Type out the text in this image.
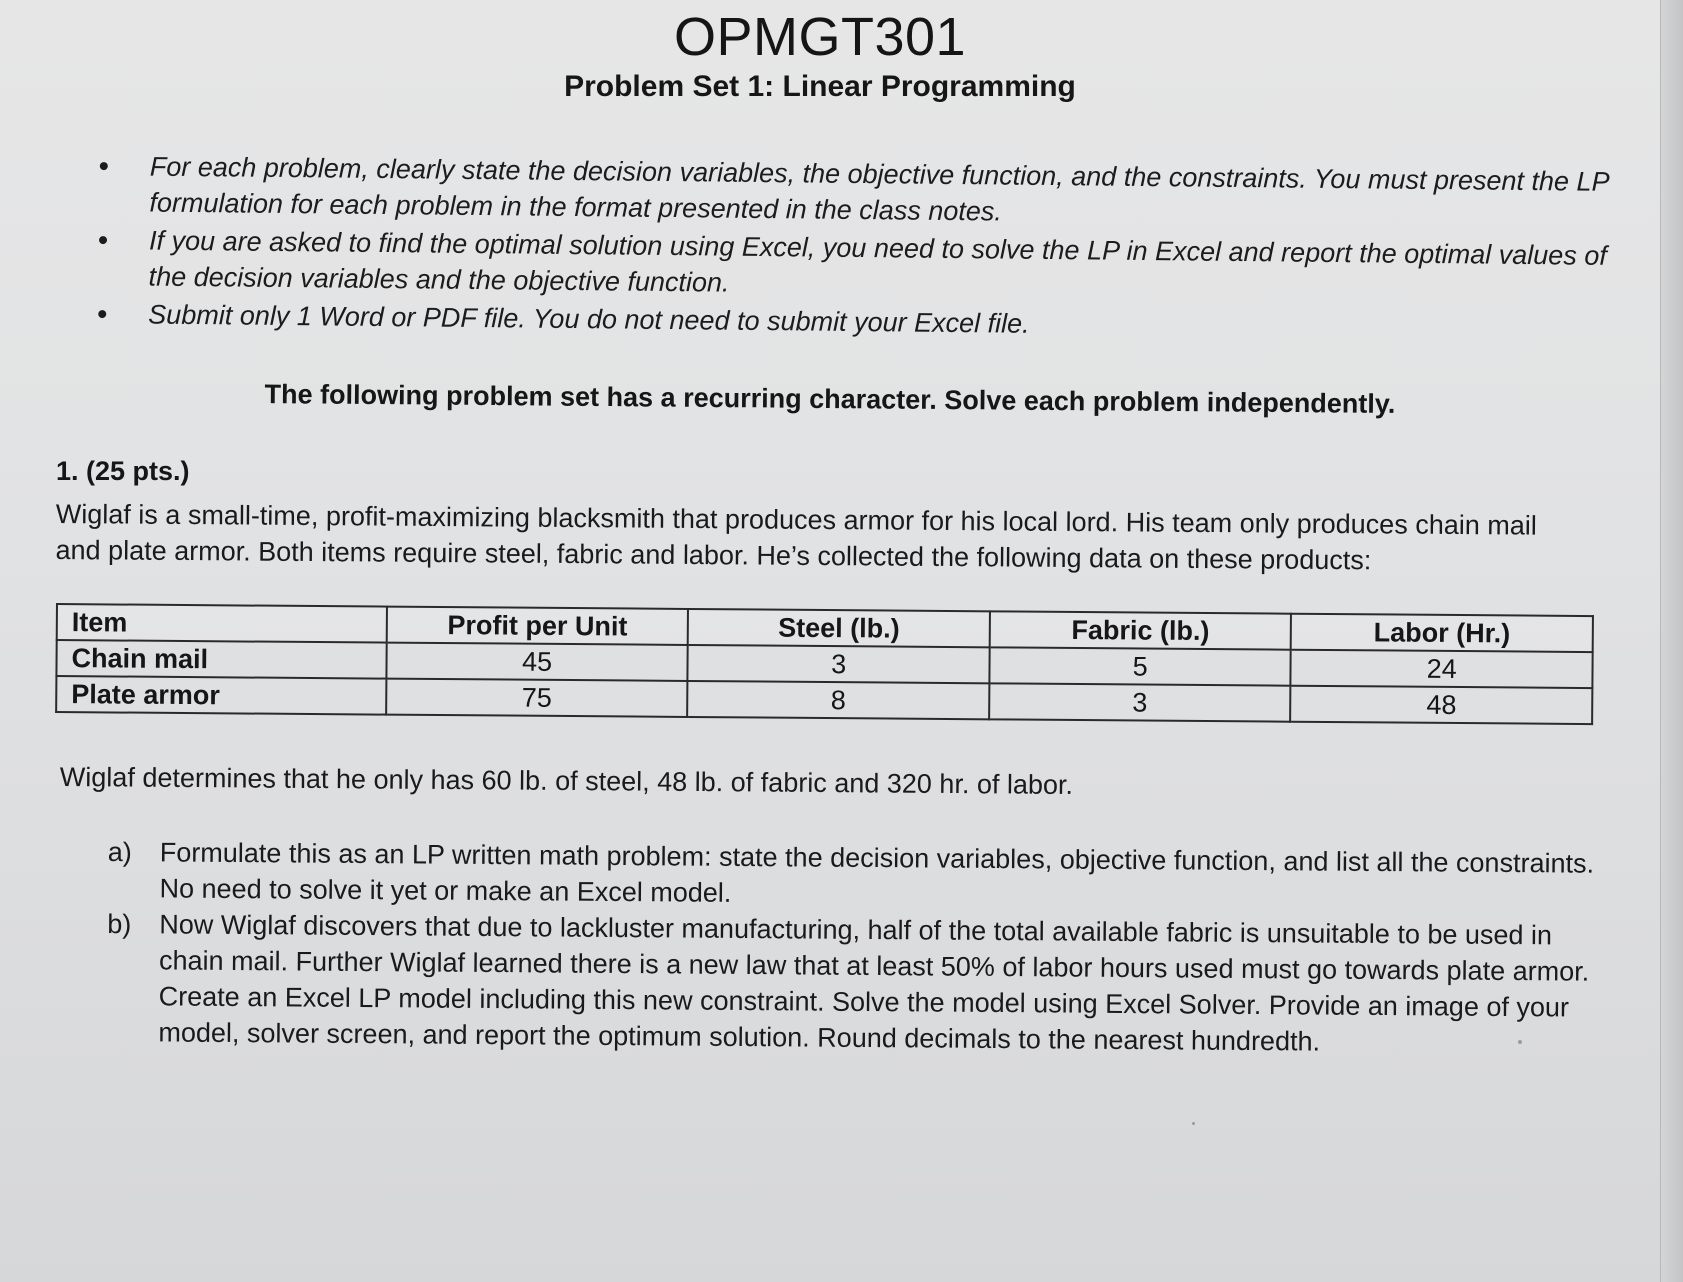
OPMGT301
Problem Set 1: Linear Programming
For each problem, clearly state the decision variables, the objective function, and the constraints. You must present the LP formulation for each problem in the format presented in the class notes.
If you are asked to find the optimal solution using Excel, you need to solve the LP in Excel and report the optimal values of the decision variables and the objective function.
Submit only 1 Word or PDF file. You do not need to submit your Excel file.
The following problem set has a recurring character. Solve each problem independently.
1. (25 pts.)
Wiglaf is a small-time, profit-maximizing blacksmith that produces armor for his local lord. His team only produces chain mail and plate armor. Both items require steel, fabric and labor. He’s collected the following data on these products:
Item	Profit per Unit	Steel (lb.)	Fabric (lb.)	Labor (Hr.)
Chain mail	45	3	5	24
Plate armor	75	8	3	48
Wiglaf determines that he only has 60 lb. of steel, 48 lb. of fabric and 320 hr. of labor.
a) Formulate this as an LP written math problem: state the decision variables, objective function, and list all the constraints. No need to solve it yet or make an Excel model.
b) Now Wiglaf discovers that due to lackluster manufacturing, half of the total available fabric is unsuitable to be used in chain mail. Further Wiglaf learned there is a new law that at least 50% of labor hours used must go towards plate armor. Create an Excel LP model including this new constraint. Solve the model using Excel Solver. Provide an image of your model, solver screen, and report the optimum solution. Round decimals to the nearest hundredth.
